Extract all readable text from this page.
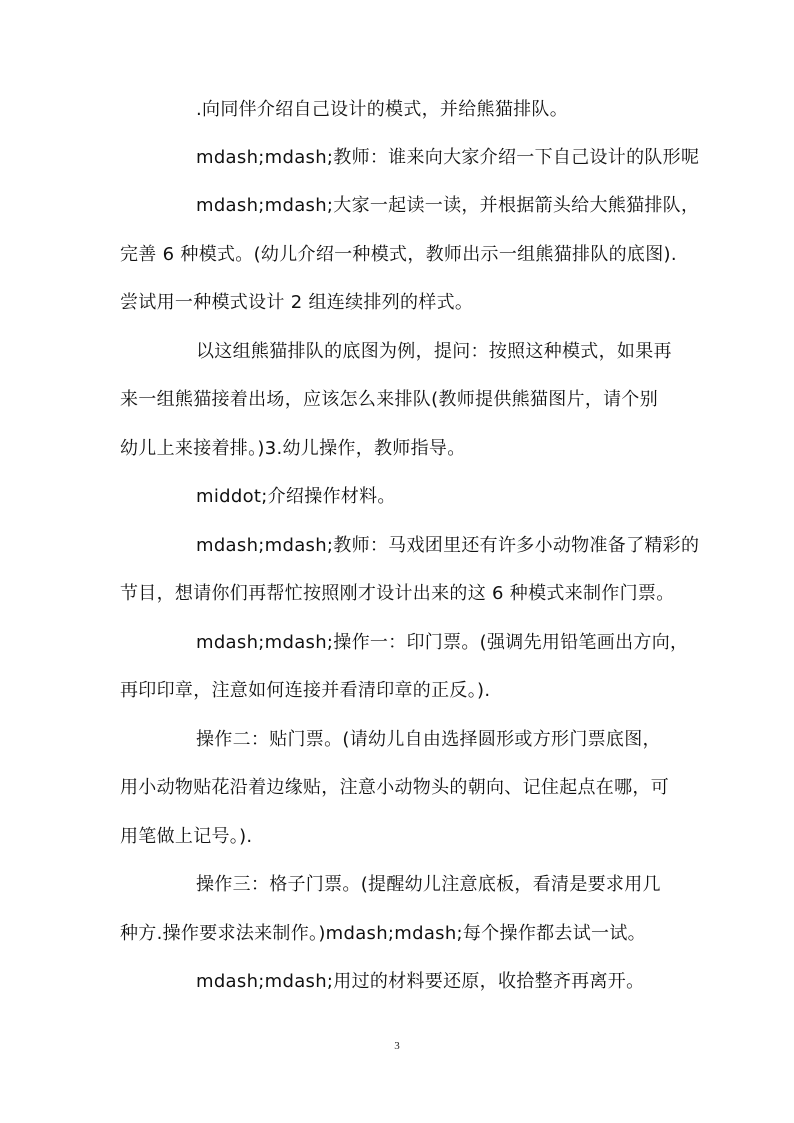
.向同伴介绍自己设计的模式，并给熊猫排队。
mdash;mdash;教师：谁来向大家介绍一下自己设计的队形呢
mdash;mdash;大家一起读一读，并根据箭头给大熊猫排队，
完善 6 种模式。(幼儿介绍一种模式，教师出示一组熊猫排队的底图).
尝试用一种模式设计 2 组连续排列的样式。
以这组熊猫排队的底图为例，提问：按照这种模式，如果再
来一组熊猫接着出场，应该怎么来排队(教师提供熊猫图片，请个别
幼儿上来接着排。)3.幼儿操作，教师指导。
middot;介绍操作材料。
mdash;mdash;教师：马戏团里还有许多小动物准备了精彩的
节目，想请你们再帮忙按照刚才设计出来的这 6 种模式来制作门票。
mdash;mdash;操作一：印门票。(强调先用铅笔画出方向，
再印印章，注意如何连接并看清印章的正反。).
操作二：贴门票。(请幼儿自由选择圆形或方形门票底图，
用小动物贴花沿着边缘贴，注意小动物头的朝向、记住起点在哪，可
用笔做上记号。).
操作三：格子门票。(提醒幼儿注意底板，看清是要求用几
种方.操作要求法来制作。)mdash;mdash;每个操作都去试一试。
mdash;mdash;用过的材料要还原，收拾整齐再离开。
3
